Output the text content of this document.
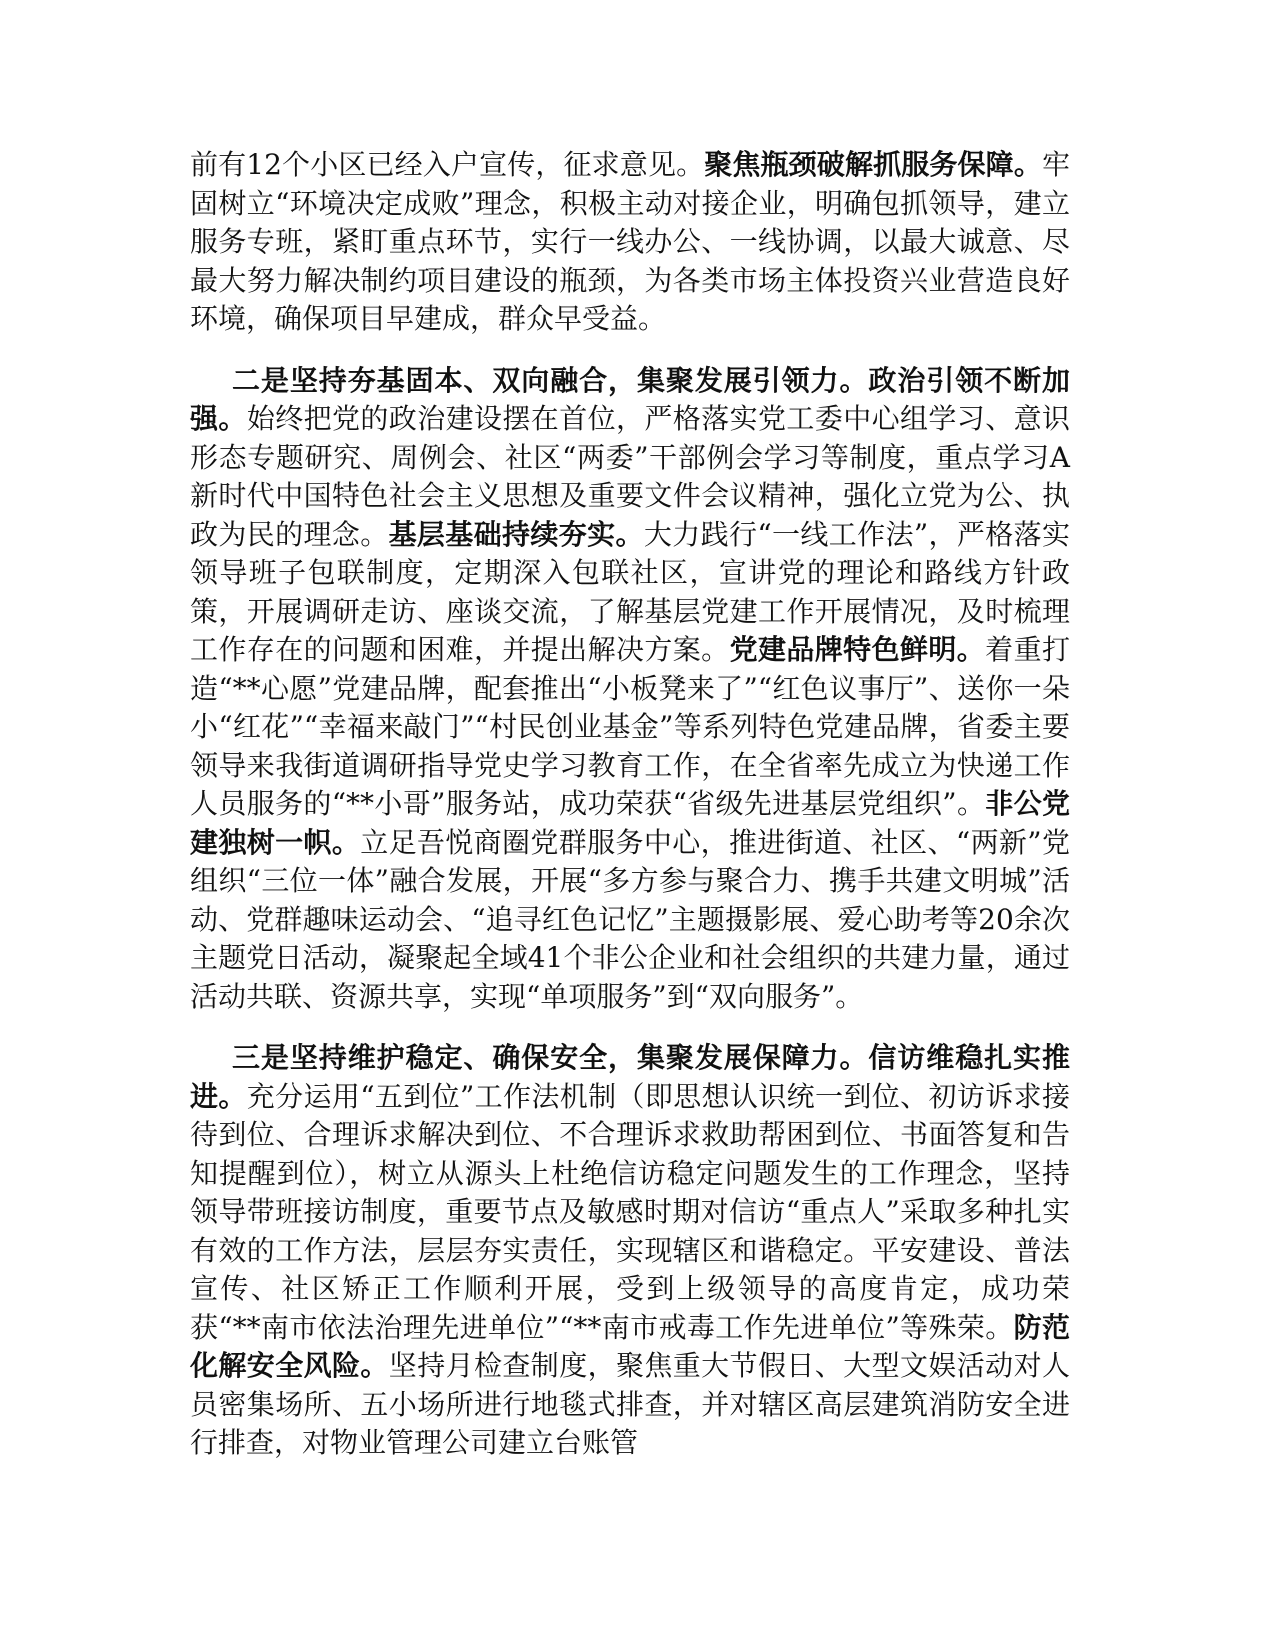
前有12个小区已经入户宣传，征求意见。聚焦瓶颈破解抓服务保障。牢固树立“环境决定成败”理念，积极主动对接企业，明确包抓领导，建立服务专班，紧盯重点环节，实行一线办公、一线协调，以最大诚意、尽最大努力解决制约项目建设的瓶颈，为各类市场主体投资兴业营造良好环境，确保项目早建成，群众早受益。

二是坚持夯基固本、双向融合，集聚发展引领力。政治引领不断加强。始终把党的政治建设摆在首位，严格落实党工委中心组学习、意识形态专题研究、周例会、社区“两委”干部例会学习等制度，重点学习A新时代中国特色社会主义思想及重要文件会议精神，强化立党为公、执政为民的理念。基层基础持续夯实。大力践行“一线工作法”，严格落实领导班子包联制度，定期深入包联社区，宣讲党的理论和路线方针政策，开展调研走访、座谈交流，了解基层党建工作开展情况，及时梳理工作存在的问题和困难，并提出解决方案。党建品牌特色鲜明。着重打造“**心愿”党建品牌，配套推出“小板凳来了”“红色议事厅”、送你一朵小“红花”“幸福来敲门”“村民创业基金”等系列特色党建品牌，省委主要领导来我街道调研指导党史学习教育工作，在全省率先成立为快递工作人员服务的“**小哥”服务站，成功荣获“省级先进基层党组织”。非公党建独树一帜。立足吾悦商圈党群服务中心，推进街道、社区、“两新”党组织“三位一体”融合发展，开展“多方参与聚合力、携手共建文明城”活动、党群趣味运动会、“追寻红色记忆”主题摄影展、爱心助考等20余次主题党日活动，凝聚起全域41个非公企业和社会组织的共建力量，通过活动共联、资源共享，实现“单项服务”到“双向服务”。

三是坚持维护稳定、确保安全，集聚发展保障力。信访维稳扎实推进。充分运用“五到位”工作法机制（即思想认识统一到位、初访诉求接待到位、合理诉求解决到位、不合理诉求救助帮困到位、书面答复和告知提醒到位），树立从源头上杜绝信访稳定问题发生的工作理念，坚持领导带班接访制度，重要节点及敏感时期对信访“重点人”采取多种扎实有效的工作方法，层层夯实责任，实现辖区和谐稳定。平安建设、普法宣传、社区矫正工作顺利开展，受到上级领导的高度肯定，成功荣获“**南市依法治理先进单位”“**南市戒毒工作先进单位”等殊荣。防范化解安全风险。坚持月检查制度，聚焦重大节假日、大型文娱活动对人员密集场所、五小场所进行地毯式排查，并对辖区高层建筑消防安全进行排查，对物业管理公司建立台账管
